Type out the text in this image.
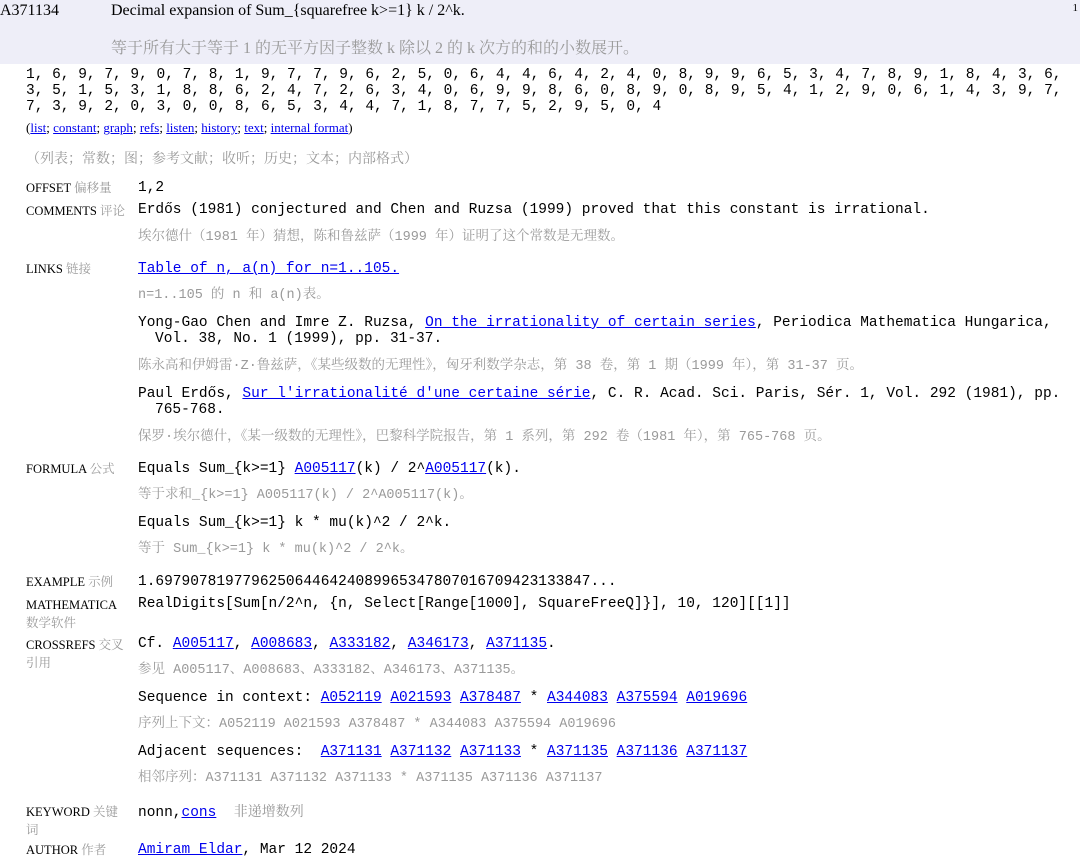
A371134	Decimal expansion of Sum_{squarefree k>=1} k / 2^k.	1
等于所有大于等于 1 的无平方因子整数 k 除以 2 的 k 次方的和的小数展开。
1, 6, 9, 7, 9, 0, 7, 8, 1, 9, 7, 7, 9, 6, 2, 5, 0, 6, 4, 4, 6, 4, 2, 4, 0, 8, 9, 9, 6, 5, 3, 4, 7, 8, 9, 1, 8, 4, 3, 6,
3, 5, 1, 5, 3, 1, 8, 8, 6, 2, 4, 7, 2, 6, 3, 4, 0, 6, 9, 9, 8, 6, 0, 8, 9, 0, 8, 9, 5, 4, 1, 2, 9, 0, 6, 1, 4, 3, 9, 7,
7, 3, 9, 2, 0, 3, 0, 0, 8, 6, 5, 3, 4, 4, 7, 1, 8, 7, 7, 5, 2, 9, 5, 0, 4
(list; constant; graph; refs; listen; history; text; internal format)
（列表；常数；图；参考文献；收听；历史；文本；内部格式）
OFFSET 偏移量	1,2
COMMENTS 评论 Erdős (1981) conjectured and Chen and Ruzsa (1999) proved that this constant is irrational.
埃尔德什（1981 年）猜想，陈和鲁兹萨（1999 年）证明了这个常数是无理数。
LINKS 链接	Table of n, a(n) for n=1..105.
n=1..105 的 n 和 a(n)表。
Yong-Gao Chen and Imre Z. Ruzsa, On the irrationality of certain series, Periodica Mathematica Hungarica, Vol. 38, No. 1 (1999), pp. 31-37.
陈永高和伊姆雷·Z·鲁兹萨，《某些级数的无理性》，匈牙利数学杂志，第 38 卷，第 1 期（1999 年），第 31-37 页。
Paul Erdős, Sur l'irrationalité d'une certaine série, C. R. Acad. Sci. Paris, Sér. 1, Vol. 292 (1981), pp. 765-768.
保罗·埃尔德什，《某一级数的无理性》，巴黎科学院报告，第 1 系列，第 292 卷（1981 年），第 765-768 页。
FORMULA 公式	Equals Sum_{k>=1} A005117(k) / 2^A005117(k).
等于求和_{k>=1} A005117(k) / 2^A005117(k)。
Equals Sum_{k>=1} k * mu(k)^2 / 2^k.
等于 Sum_{k>=1} k * mu(k)^2 / 2^k。
EXAMPLE 示例	1.69790781977962506446424089965347807016709423133847...
MATHEMATICA 数学软件
RealDigits[Sum[n/2^n, {n, Select[Range[1000], SquareFreeQ]}], 10, 120][[1]]
CROSSREFS 交叉引用
Cf. A005117, A008683, A333182, A346173, A371135.
参见 A005117、A008683、A333182、A346173、A371135。
Sequence in context: A052119 A021593 A378487 * A344083 A375594 A019696
序列上下文：A052119 A021593 A378487 * A344083 A375594 A019696
Adjacent sequences:  A371131 A371132 A371133 * A371135 A371136 A371137
相邻序列：A371131 A371132 A371133 * A371135 A371136 A371137
KEYWORD 关键词
nonn,cons 非递增数列
AUTHOR 作者	Amiram Eldar, Mar 12 2024
